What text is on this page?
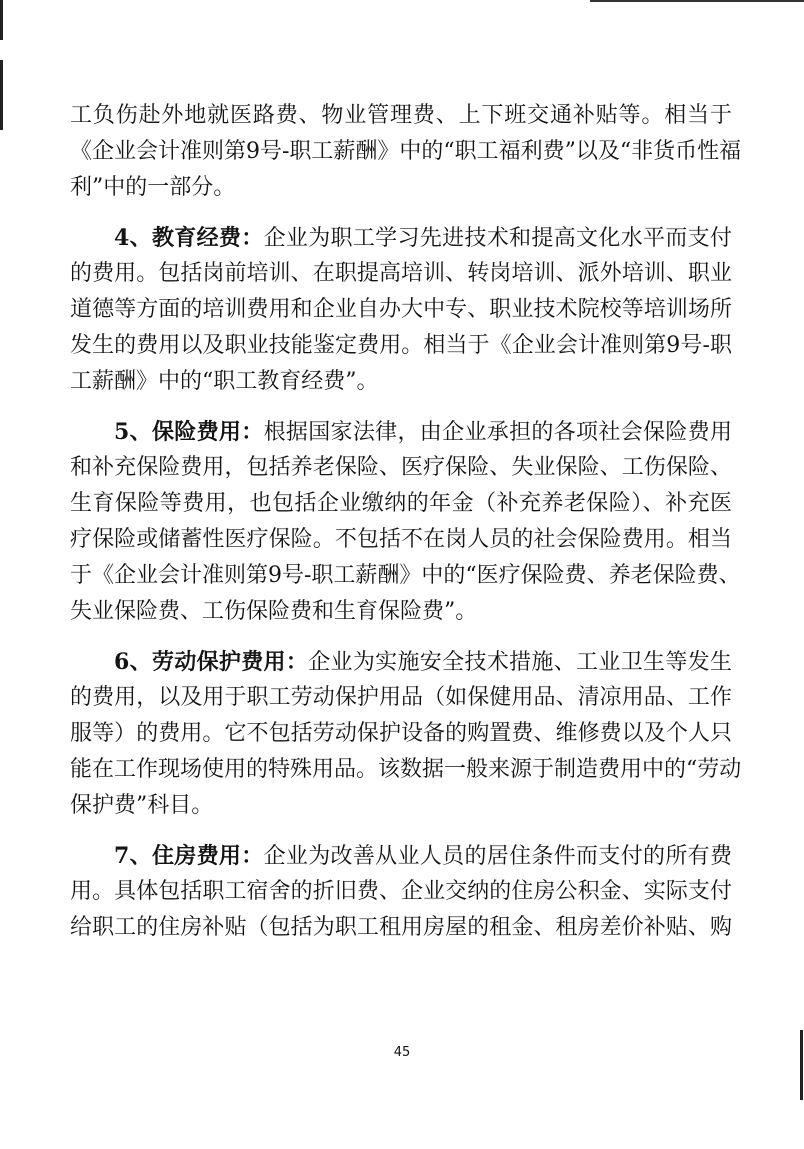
工负伤赴外地就医路费、物业管理费、上下班交通补贴等。相当于
《企业会计准则第9号-职工薪酬》中的“职工福利费”以及“非货币性福
利”中的一部分。
4、教育经费：企业为职工学习先进技术和提高文化水平而支付
的费用。包括岗前培训、在职提高培训、转岗培训、派外培训、职业
道德等方面的培训费用和企业自办大中专、职业技术院校等培训场所
发生的费用以及职业技能鉴定费用。相当于《企业会计准则第9号-职
工薪酬》中的“职工教育经费”。
5、保险费用：根据国家法律，由企业承担的各项社会保险费用
和补充保险费用，包括养老保险、医疗保险、失业保险、工伤保险、
生育保险等费用，也包括企业缴纳的年金（补充养老保险）、补充医
疗保险或储蓄性医疗保险。不包括不在岗人员的社会保险费用。相当
于《企业会计准则第9号-职工薪酬》中的“医疗保险费、养老保险费、
失业保险费、工伤保险费和生育保险费”。
6、劳动保护费用：企业为实施安全技术措施、工业卫生等发生
的费用，以及用于职工劳动保护用品（如保健用品、清凉用品、工作
服等）的费用。它不包括劳动保护设备的购置费、维修费以及个人只
能在工作现场使用的特殊用品。该数据一般来源于制造费用中的“劳动
保护费”科目。
7、住房费用：企业为改善从业人员的居住条件而支付的所有费
用。具体包括职工宿舍的折旧费、企业交纳的住房公积金、实际支付
给职工的住房补贴（包括为职工租用房屋的租金、租房差价补贴、购
45
